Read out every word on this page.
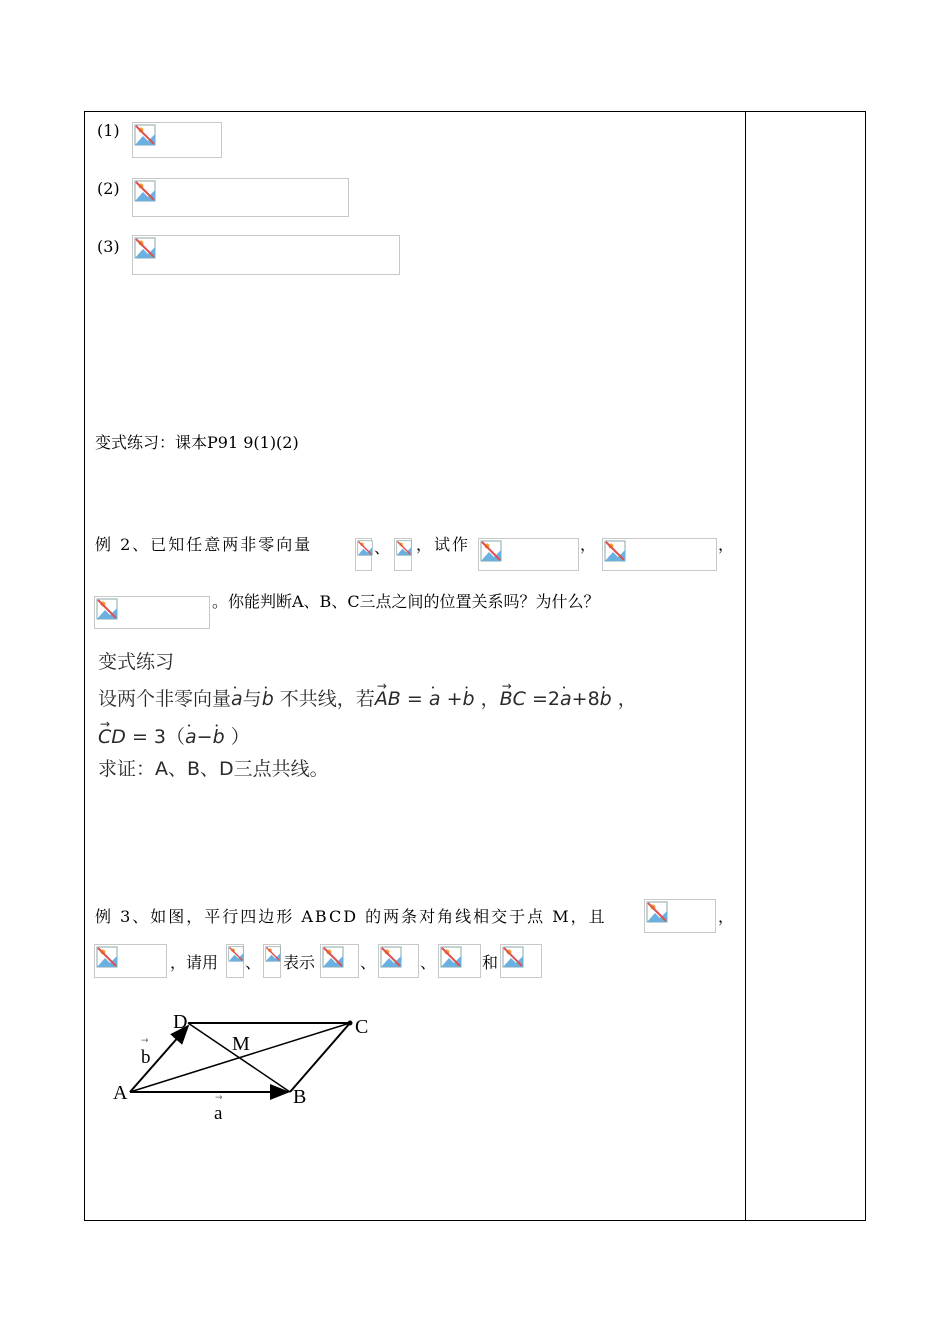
(1)
(2)
(3)
变式练习：课本P91 9(1)(2)
例 2、已知任意两非零向量	、 ，试作	，	，
。你能判断A、B、C三点之间的位置关系吗？为什么？
变式练习
设两个非零向量• a与• b 不共线，若→ AB = • a +• b ，→ BC =2• a+8• b ，
→ CD = 3（• a−• b ）
求证：A、B、D三点共线。
例 3、如图，平行四边形 ABCD 的两条对角线相交于点 M，且	，
，请用 、 表示	、	、	和
A	B
C
D
M
→
b
→
a
